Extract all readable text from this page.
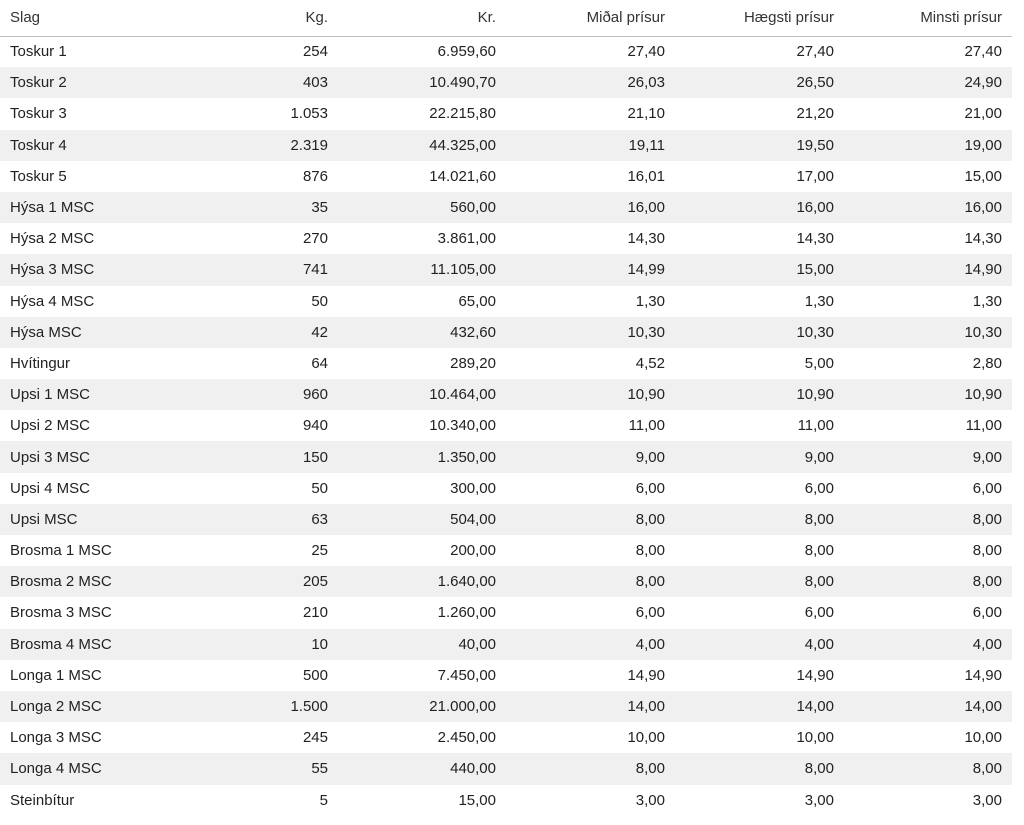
Slag	Kg.	Kr.	Miðal prísur	Hægsti prísur	Minsti prísur
Toskur 1	254	6.959,60	27,40	27,40	27,40
Toskur 2	403	10.490,70	26,03	26,50	24,90
Toskur 3	1.053	22.215,80	21,10	21,20	21,00
Toskur 4	2.319	44.325,00	19,11	19,50	19,00
Toskur 5	876	14.021,60	16,01	17,00	15,00
Hýsa 1 MSC	35	560,00	16,00	16,00	16,00
Hýsa 2 MSC	270	3.861,00	14,30	14,30	14,30
Hýsa 3 MSC	741	11.105,00	14,99	15,00	14,90
Hýsa 4 MSC	50	65,00	1,30	1,30	1,30
Hýsa MSC	42	432,60	10,30	10,30	10,30
Hvítingur	64	289,20	4,52	5,00	2,80
Upsi 1 MSC	960	10.464,00	10,90	10,90	10,90
Upsi 2 MSC	940	10.340,00	11,00	11,00	11,00
Upsi 3 MSC	150	1.350,00	9,00	9,00	9,00
Upsi 4 MSC	50	300,00	6,00	6,00	6,00
Upsi MSC	63	504,00	8,00	8,00	8,00
Brosma 1 MSC	25	200,00	8,00	8,00	8,00
Brosma 2 MSC	205	1.640,00	8,00	8,00	8,00
Brosma 3 MSC	210	1.260,00	6,00	6,00	6,00
Brosma 4 MSC	10	40,00	4,00	4,00	4,00
Longa 1 MSC	500	7.450,00	14,90	14,90	14,90
Longa 2 MSC	1.500	21.000,00	14,00	14,00	14,00
Longa 3 MSC	245	2.450,00	10,00	10,00	10,00
Longa 4 MSC	55	440,00	8,00	8,00	8,00
Steinbítur	5	15,00	3,00	3,00	3,00
